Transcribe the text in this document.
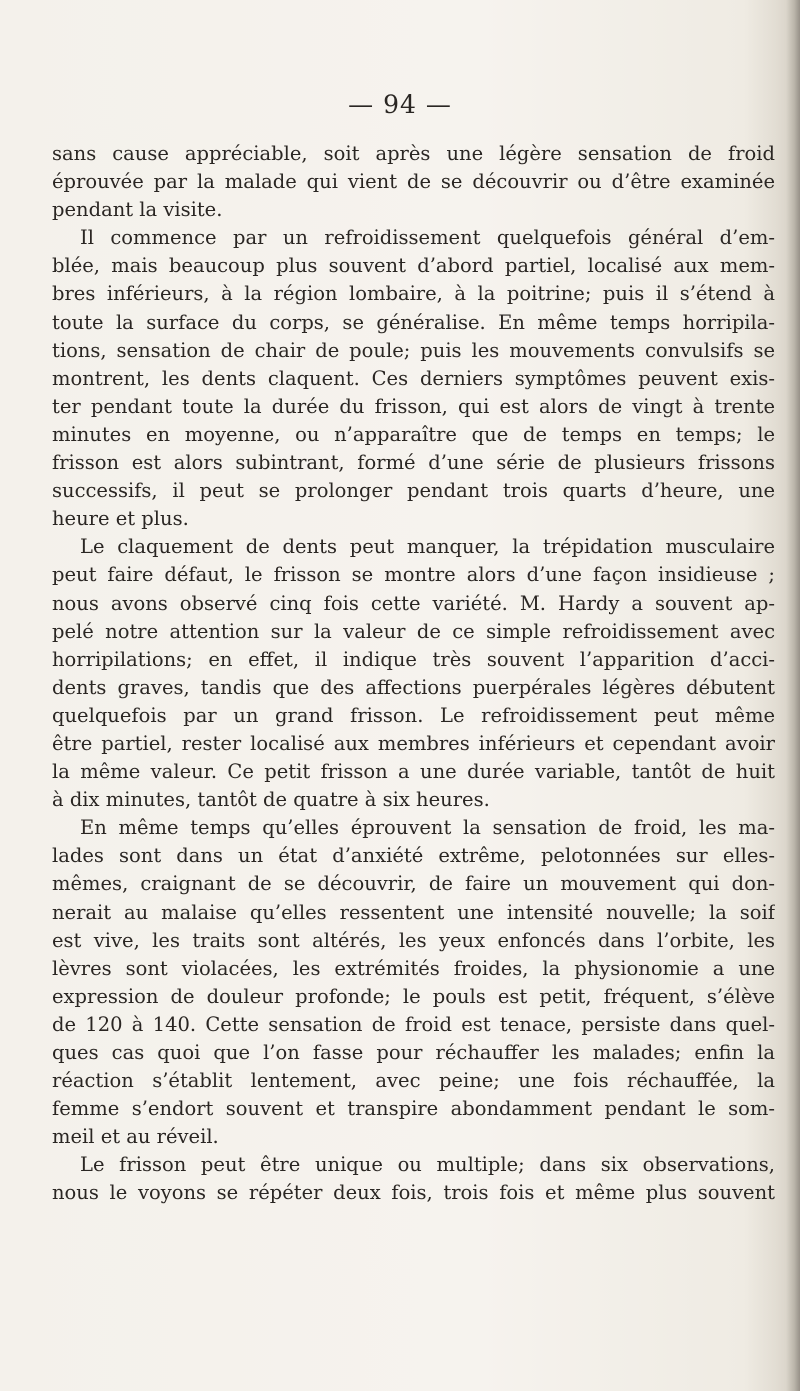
— 94 —
sans cause appréciable, soit après une légère sensation de froid
éprouvée par la malade qui vient de se découvrir ou d’être examinée
pendant la visite.
Il commence par un refroidissement quelquefois général d’em-
blée, mais beaucoup plus souvent d’abord partiel, localisé aux mem-
bres inférieurs, à la région lombaire, à la poitrine; puis il s’étend à
toute la surface du corps, se généralise. En même temps horripila-
tions, sensation de chair de poule; puis les mouvements convulsifs se
montrent, les dents claquent. Ces derniers symptômes peuvent exis-
ter pendant toute la durée du frisson, qui est alors de vingt à trente
minutes en moyenne, ou n’apparaître que de temps en temps; le
frisson est alors subintrant, formé d’une série de plusieurs frissons
successifs, il peut se prolonger pendant trois quarts d’heure, une
heure et plus.
Le claquement de dents peut manquer, la trépidation musculaire
peut faire défaut, le frisson se montre alors d’une façon insidieuse ;
nous avons observé cinq fois cette variété. M. Hardy a souvent ap-
pelé notre attention sur la valeur de ce simple refroidissement avec
horripilations; en effet, il indique très souvent l’apparition d’acci-
dents graves, tandis que des affections puerpérales légères débutent
quelquefois par un grand frisson. Le refroidissement peut même
être partiel, rester localisé aux membres inférieurs et cependant avoir
la même valeur. Ce petit frisson a une durée variable, tantôt de huit
à dix minutes, tantôt de quatre à six heures.
En même temps qu’elles éprouvent la sensation de froid, les ma-
lades sont dans un état d’anxiété extrême, pelotonnées sur elles-
mêmes, craignant de se découvrir, de faire un mouvement qui don-
nerait au malaise qu’elles ressentent une intensité nouvelle; la soif
est vive, les traits sont altérés, les yeux enfoncés dans l’orbite, les
lèvres sont violacées, les extrémités froides, la physionomie a une
expression de douleur profonde; le pouls est petit, fréquent, s’élève
de 120 à 140. Cette sensation de froid est tenace, persiste dans quel-
ques cas quoi que l’on fasse pour réchauffer les malades; enfin la
réaction s’établit lentement, avec peine; une fois réchauffée, la
femme s’endort souvent et transpire abondamment pendant le som-
meil et au réveil.
Le frisson peut être unique ou multiple; dans six observations,
nous le voyons se répéter deux fois, trois fois et même plus souvent
